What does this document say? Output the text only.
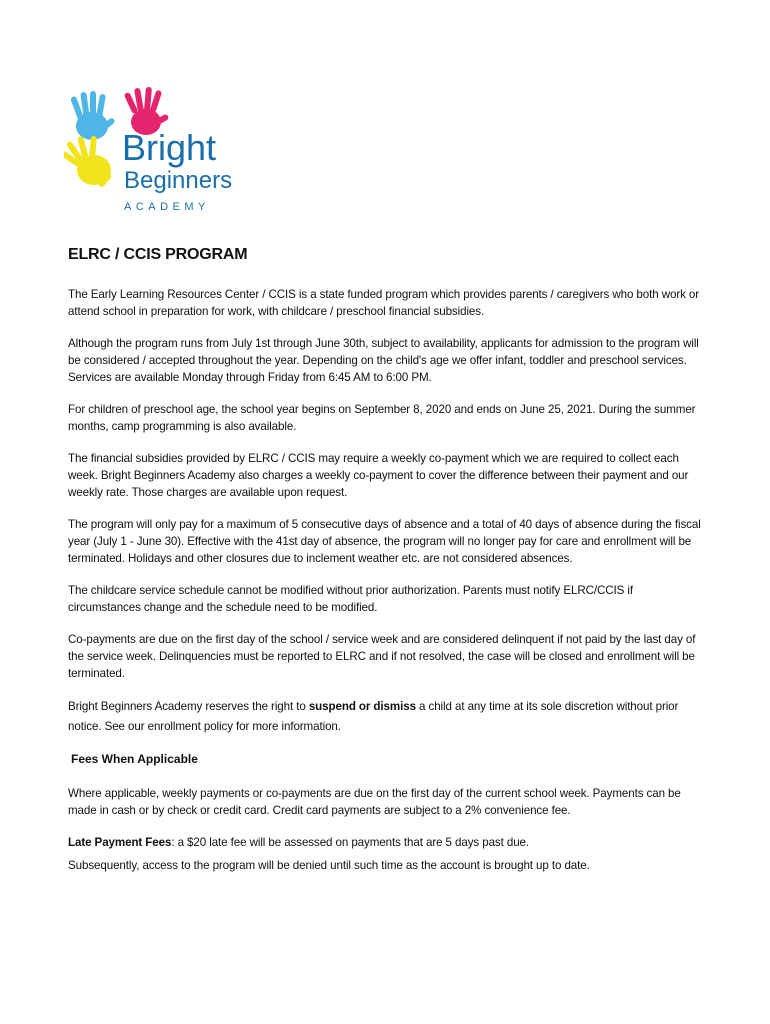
Bright
Beginners
ACADEMY
ELRC / CCIS PROGRAM

The Early Learning Resources Center / CCIS is a state funded program which provides parents / caregivers who both work or attend school in preparation for work, with childcare / preschool financial subsidies.

Although the program runs from July 1st through June 30th, subject to availability, applicants for admission to the program will be considered / accepted throughout the year. Depending on the child's age we offer infant, toddler and preschool services. Services are available Monday through Friday from 6:45 AM to 6:00 PM.

For children of preschool age, the school year begins on September 8, 2020 and ends on June 25, 2021. During the summer months, camp programming is also available.

The financial subsidies provided by ELRC / CCIS may require a weekly co-payment which we are required to collect each week. Bright Beginners Academy also charges a weekly co-payment to cover the difference between their payment and our weekly rate. Those charges are available upon request.

The program will only pay for a maximum of 5 consecutive days of absence and a total of 40 days of absence during the fiscal year (July 1 - June 30). Effective with the 41st day of absence, the program will no longer pay for care and enrollment will be terminated. Holidays and other closures due to inclement weather etc. are not considered absences.

The childcare service schedule cannot be modified without prior authorization. Parents must notify ELRC/CCIS if circumstances change and the schedule need to be modified.

Co-payments are due on the first day of the school / service week and are considered delinquent if not paid by the last day of the service week. Delinquencies must be reported to ELRC and if not resolved, the case will be closed and enrollment will be terminated.

Bright Beginners Academy reserves the right to suspend or dismiss a child at any time at its sole discretion without prior notice. See our enrollment policy for more information.

Fees When Applicable

Where applicable, weekly payments or co-payments are due on the first day of the current school week. Payments can be made in cash or by check or credit card. Credit card payments are subject to a 2% convenience fee.

Late Payment Fees: a $20 late fee will be assessed on payments that are 5 days past due.

Subsequently, access to the program will be denied until such time as the account is brought up to date.
